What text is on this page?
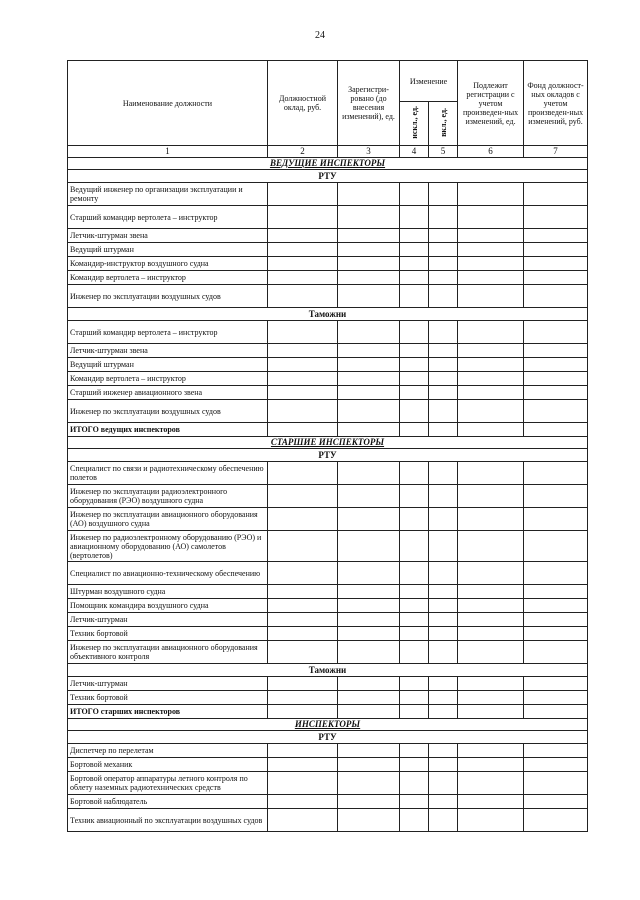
24
Наименование должности	Должностной оклад, руб.	Зарегистри-ровано (до внесения изменений), ед.	Изменение		Подлежит регистрации с учетом произведен-ных изменений, ед.	Фонд должност-ных окладов с учетом произведен-ных изменений, руб.
			искл., ед.	вкл., ед.		
1	2	3	4	5	6	7
ВЕДУЩИЕ ИНСПЕКТОРЫ						
РТУ						
Ведущий инженер по организации эксплуатации и ремонту						
Старший командир вертолета – инструктор						
Летчик-штурман звена						
Ведущий штурман						
Командир-инструктор воздушного судна						
Командир вертолета – инструктор						
Инженер по эксплуатации воздушных судов						
Таможни						
Старший командир вертолета – инструктор						
Летчик-штурман звена						
Ведущий штурман						
Командир вертолета – инструктор						
Старший инженер авиационного звена						
Инженер по эксплуатации воздушных судов						
ИТОГО ведущих инспекторов						
СТАРШИЕ ИНСПЕКТОРЫ						
РТУ						
Специалист по связи и радиотехническому обеспечению полетов						
Инженер по эксплуатации радиоэлектронного оборудования (РЭО) воздушного судна						
Инженер по эксплуатации авиационного оборудования (АО) воздушного судна						
Инженер по радиоэлектронному оборудованию (РЭО) и авиационному оборудованию (АО) самолетов (вертолетов)						
Специалист по авиационно-техническому обеспечению						
Штурман воздушного судна						
Помощник командира воздушного судна						
Летчик-штурман						
Техник бортовой						
Инженер по эксплуатации авиационного оборудования объективного контроля						
Таможни						
Летчик-штурман						
Техник бортовой						
ИТОГО старших инспекторов						
ИНСПЕКТОРЫ						
РТУ						
Диспетчер по перелетам						
Бортовой механик						
Бортовой оператор аппаратуры летного контроля по облету наземных радиотехнических средств						
Бортовой наблюдатель						
Техник авиационный по эксплуатации воздушных судов						
